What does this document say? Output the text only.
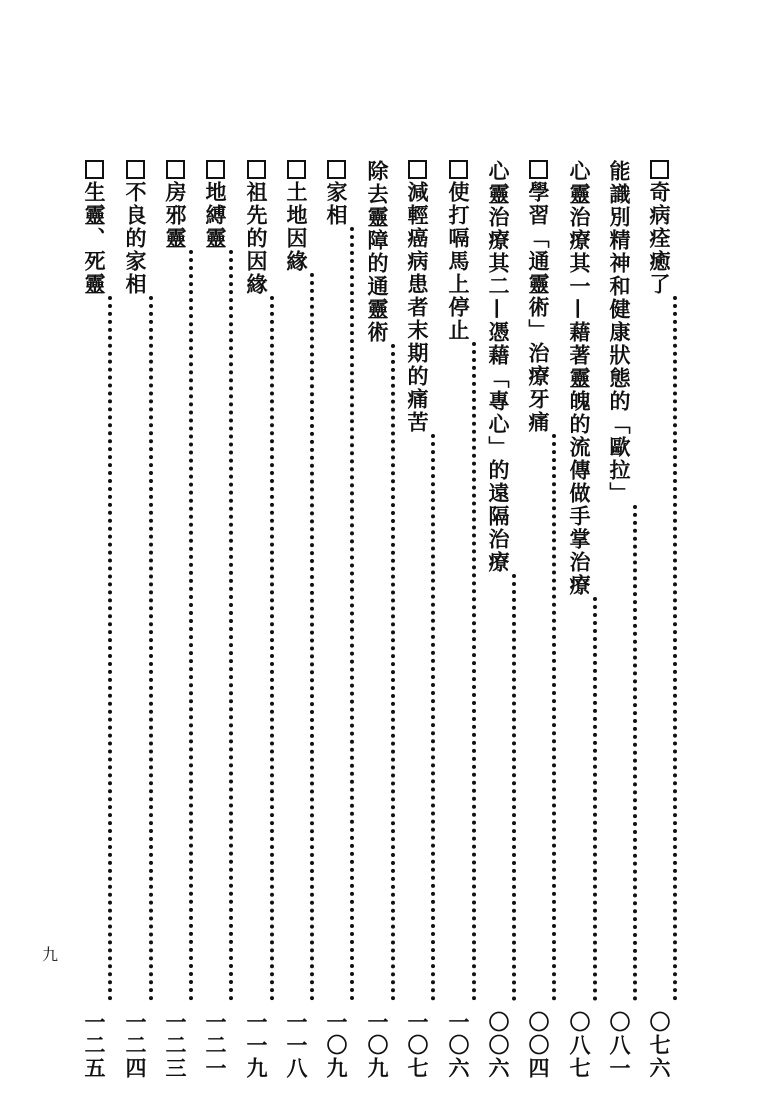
奇病痊癒了
〇七六
能識別精神和健康狀態的「歐拉」
〇八一
心靈治療其一—藉著靈魄的流傳做手掌治療
〇八七
學習「通靈術」治療牙痛
〇〇四
心靈治療其二—憑藉「專心」的遠隔治療
〇〇六
使打嗝馬上停止
一〇六
減輕癌病患者末期的痛苦
一〇七
除去靈障的通靈術
一〇九
家相
一〇九
土地因緣
一一八
祖先的因緣
一一九
地縛靈
一二一
房邪靈
一二三
不良的家相
一二四
生靈、死靈
一二五
九
